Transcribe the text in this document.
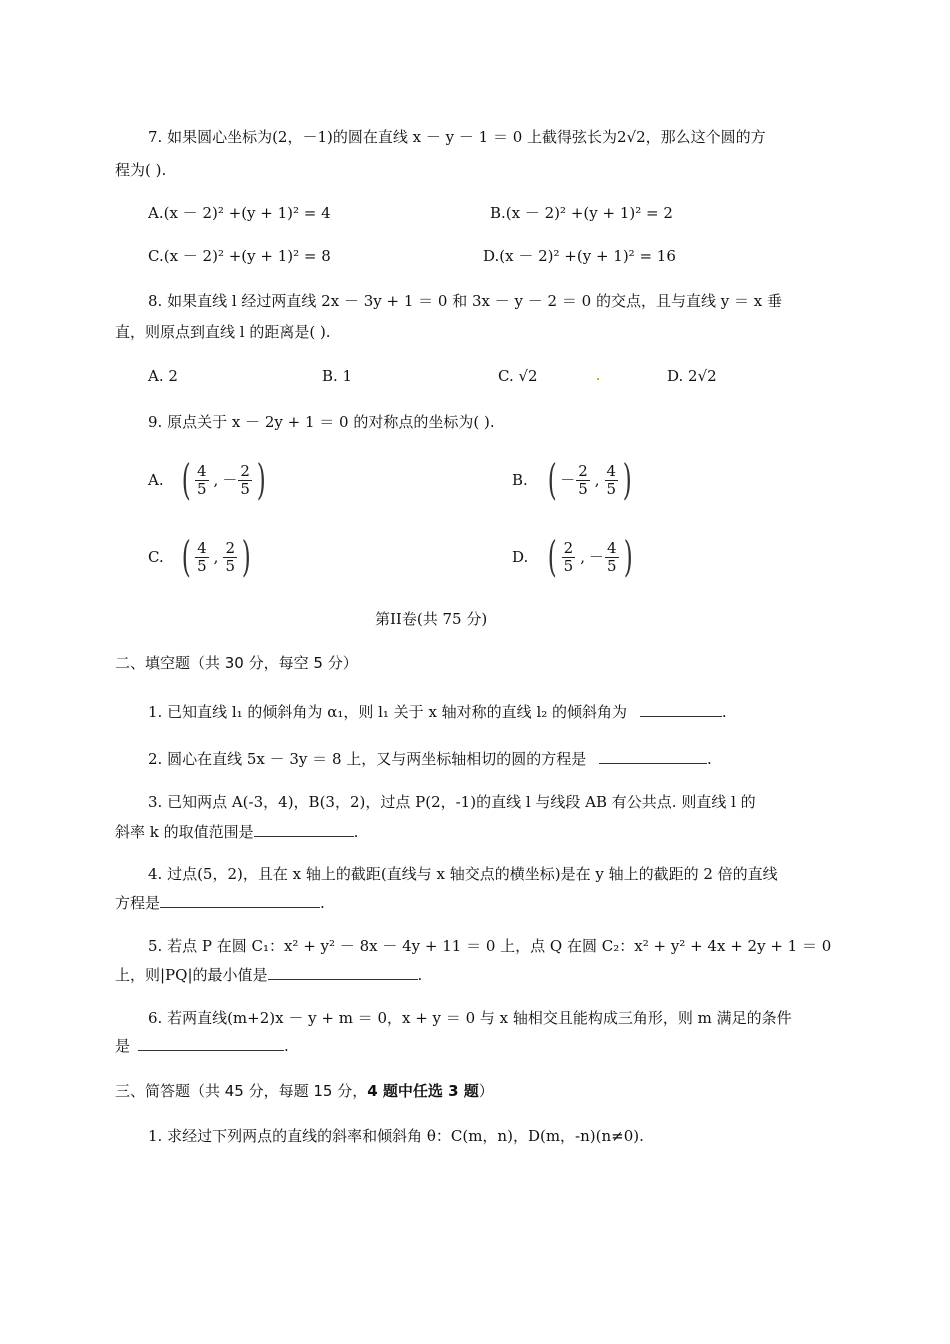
7. 如果圆心坐标为(2，－1)的圆在直线 x － y － 1 ＝ 0 上截得弦长为2√2，那么这个圆的方
程为( ).
A.(x － 2)² +(y + 1)² = 4	B.(x － 2)² +(y + 1)² = 2
C.(x － 2)² +(y + 1)² = 8	D.(x － 2)² +(y + 1)² = 16
8. 如果直线 l 经过两直线 2x － 3y + 1 ＝ 0 和 3x － y － 2 ＝ 0 的交点，且与直线 y ＝ x 垂
直，则原点到直线 l 的距离是( ).
A. 2	B. 1	C. √2	D. 2√2
9. 原点关于 x － 2y + 1 ＝ 0 的对称点的坐标为( ).
A. ( $\frac{4}{5}$ , － $\frac{2}{5}$ )	B. ( － $\frac{2}{5}$ , $\frac{4}{5}$ )
C. ( $\frac{4}{5}$ , $\frac{2}{5}$ )	D. ( $\frac{2}{5}$ , － $\frac{4}{5}$ )
第II卷(共 75 分)
二、填空题（共 30 分，每空 5 分）
1. 已知直线 l₁ 的倾斜角为 α₁，则 l₁ 关于 x 轴对称的直线 l₂ 的倾斜角为	.
2. 圆心在直线 5x － 3y ＝ 8 上，又与两坐标轴相切的圆的方程是	.
3. 已知两点 A(-3，4)，B(3，2)，过点 P(2，-1)的直线 l 与线段 AB 有公共点. 则直线 l 的
斜率 k 的取值范围是	.
4. 过点(5，2)，且在 x 轴上的截距(直线与 x 轴交点的横坐标)是在 y 轴上的截距的 2 倍的直线
方程是	.
5. 若点 P 在圆 C₁：x² + y² － 8x － 4y + 11 ＝ 0 上，点 Q 在圆 C₂：x² + y² + 4x + 2y + 1 ＝ 0
上，则|PQ|的最小值是	.
6. 若两直线(m+2)x － y + m ＝ 0，x + y ＝ 0 与 x 轴相交且能构成三角形，则 m 满足的条件
是	.
三、简答题（共 45 分，每题 15 分，4 题中任选 3 题）
1. 求经过下列两点的直线的斜率和倾斜角 θ：C(m，n)，D(m，-n)(n≠0).
